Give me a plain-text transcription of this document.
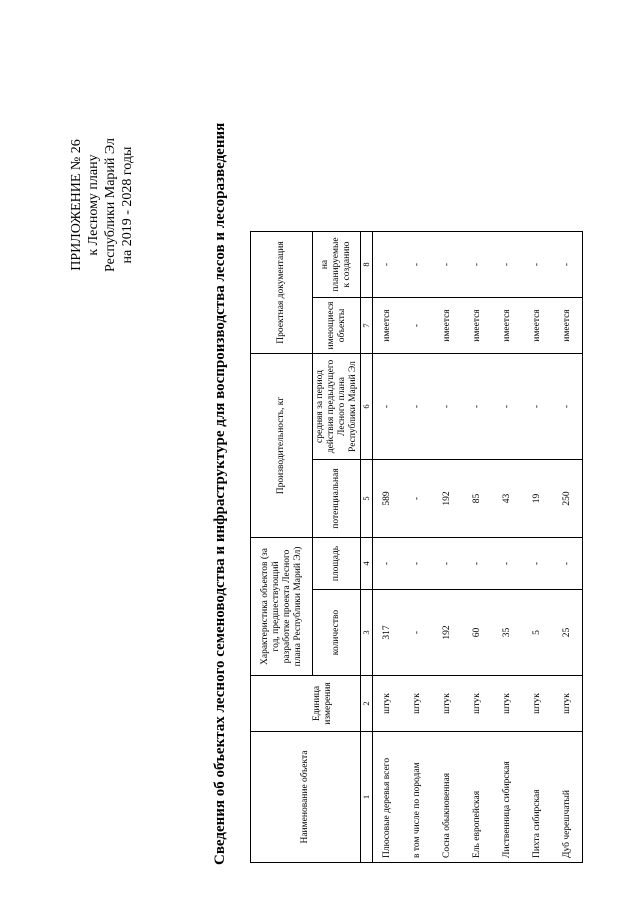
ПРИЛОЖЕНИЕ № 26 к Лесному плану Республики Марий Эл на 2019 - 2028 годы	Сведения об объектах лесного семеноводства и инфраструктуре для воспроизводства лесов и лесоразведения	Наименование объекта	Единица измерения	Характеристика объектов (за год, предшествующий разработке проекта Лесного плана Республики Марий Эл)		Производительность, кг		Проектная документация	
		количество	площадь	потенциальная	средняя за период действия предыдущего Лесного плана Республики Марий Эл	имеющиеся объекты	на планируемые к созданию
1	2	3	4	5	6	7	8
Плюсовые деревья всего	штук	317	-	589	-	имеется	-
в том числе по породам	штук	-	-	-	-	-	-
Сосна обыкновенная	штук	192	-	192	-	имеется	-
Ель европейская	штук	60	-	85	-	имеется	-
Лиственница сибирская	штук	35	-	43	-	имеется	-
Пихта сибирская	штук	5	-	19	-	имеется	-
Дуб черешчатый	штук	25	-	250	-	имеется	-
